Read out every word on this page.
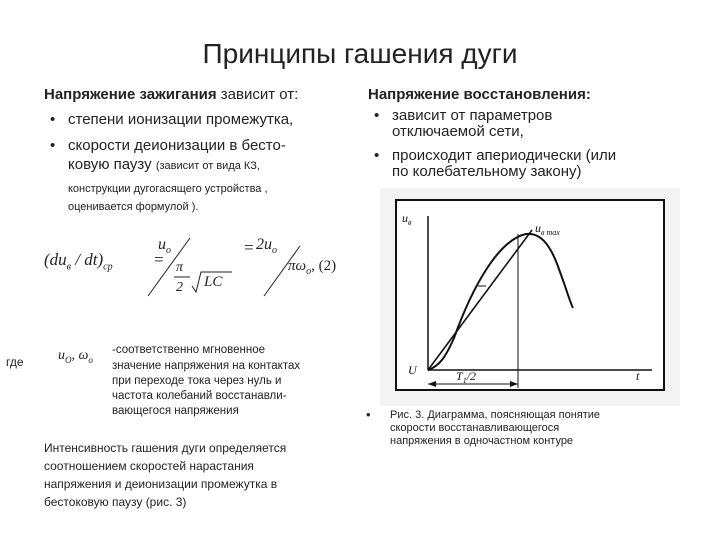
Принципы гашения дуги
Напряжение зажигания зависит от:
• степени ионизации промежутка,
• скорости деионизации в бесто-
ковую паузу (зависит от вида КЗ,
конструкции дугогасящего устройства ,
оценивается формулой ).
$(du_в / dt)_{ср}$ =
$u_о$
π
2 LC
= $2u_о$
$\pi\omega_о$, (2)
где $u_O$, $\omega_о$
-соответственно мгновенное
значение напряжения на контактах
при переходе тока через нуль и
частота колебаний восстанавли-
вающегося напряжения
Интенсивность гашения дуги определяется
соотношением скоростей нарастания
напряжения и деионизации промежутка в
бестоковую паузу (рис. 3)
Напряжение восстановления:
• зависит от параметров
отключаемой сети,
• происходит апериодически (или
по колебательному закону)
$u_в$	$u_{в max}$
U	t
$T_1/2$
• Рис. 3. Диаграмма, поясняющая понятие
скорости восстанавливающегося
напряжения в одночастном контуре
